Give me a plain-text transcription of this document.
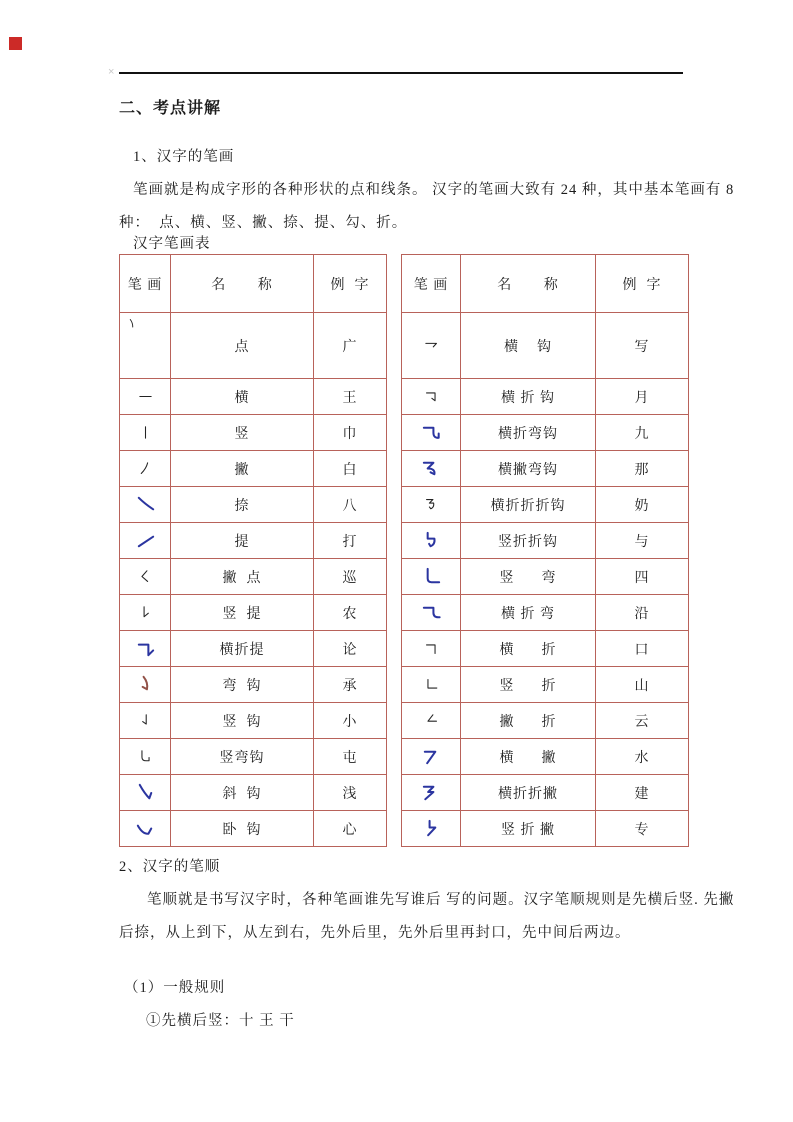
×
二、考点讲解
1、汉字的笔画
笔画就是构成字形的各种形状的点和线条。 汉字的笔画大致有 24 种，其中基本笔画有 8
种：  点、横、竖、撇、捺、提、勾、折。
汉字笔画表
笔 画	名       称	例  字

	点	广

	横	王

	竖	巾

	撇	白

	捺	八

	提	打

	撇  点	巡

	竖  提	农

	横折提	论

	弯  钩	承

	竖  钩	小

	竖弯钩	屯

	斜  钩	浅

	卧  钩	心
笔 画	名       称	例  字

	横    钩	写

	横 折 钩	月

	横折弯钩	九

	横撇弯钩	那

	横折折折钩	奶

	竖折折钩	与

	竖      弯	四

	横 折 弯	沿

	横      折	口

	竖      折	山

	撇      折	云

	横      撇	水

	横折折撇	建

	竖 折 撇	专
2、汉字的笔顺
笔顺就是书写汉字时，各种笔画谁先写谁后 写的问题。汉字笔顺规则是先横后竖. 先撇
后捺，从上到下，从左到右，先外后里，先外后里再封口，先中间后两边。
（1）一般规则
①先横后竖：十 王 干
